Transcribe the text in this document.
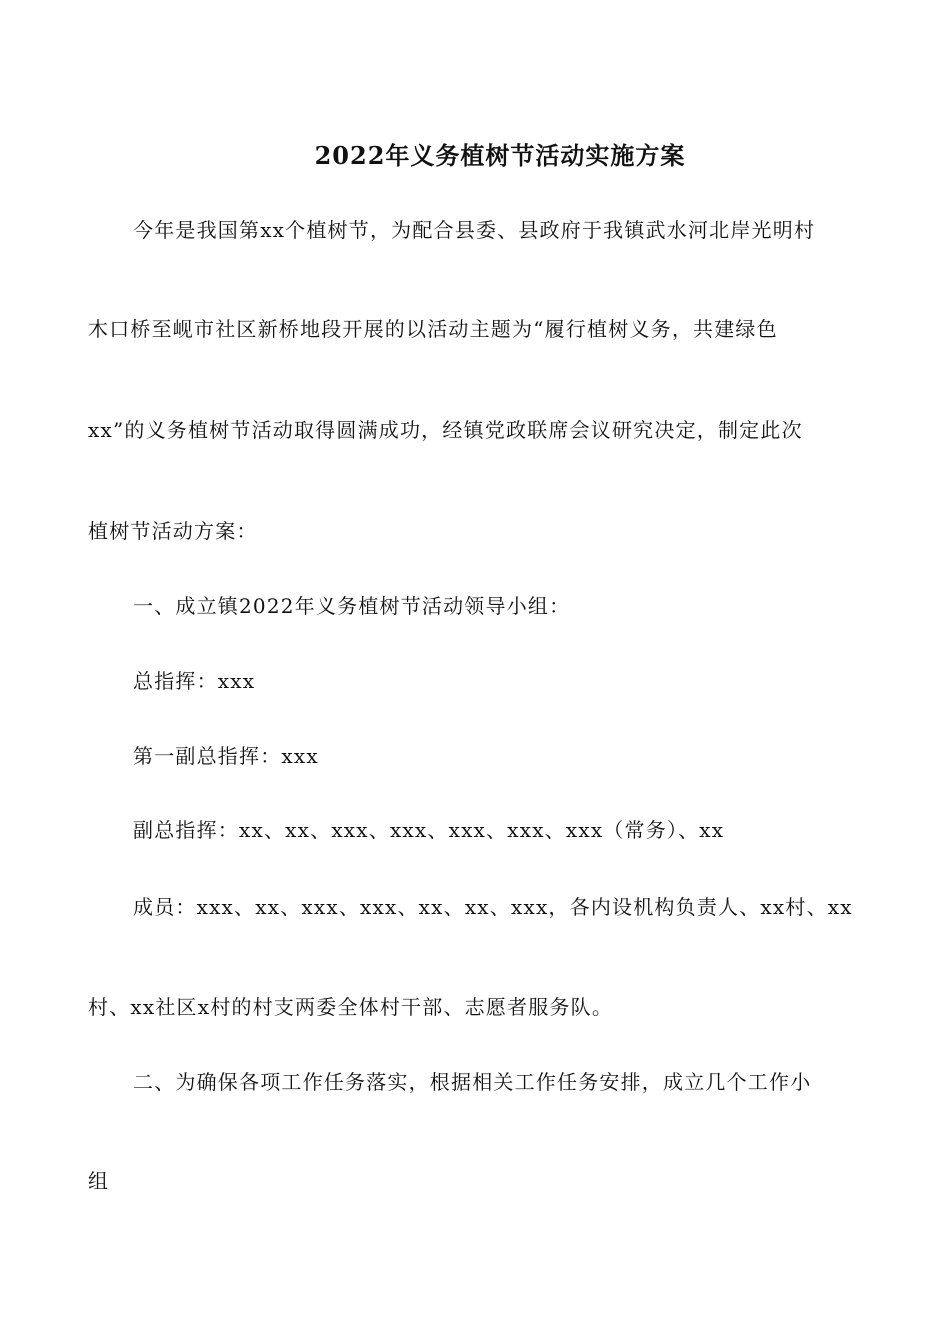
2022年义务植树节活动实施方案
今年是我国第xx个植树节，为配合县委、县政府于我镇武水河北岸光明村
木口桥至岘市社区新桥地段开展的以活动主题为“履行植树义务，共建绿色
xx”的义务植树节活动取得圆满成功，经镇党政联席会议研究决定，制定此次
植树节活动方案：
一、成立镇2022年义务植树节活动领导小组：
总指挥：xxx
第一副总指挥：xxx
副总指挥：xx、xx、xxx、xxx、xxx、xxx、xxx（常务）、xx
成员：xxx、xx、xxx、xxx、xx、xx、xxx，各内设机构负责人、xx村、xx
村、xx社区x村的村支两委全体村干部、志愿者服务队。
二、为确保各项工作任务落实，根据相关工作任务安排，成立几个工作小
组
